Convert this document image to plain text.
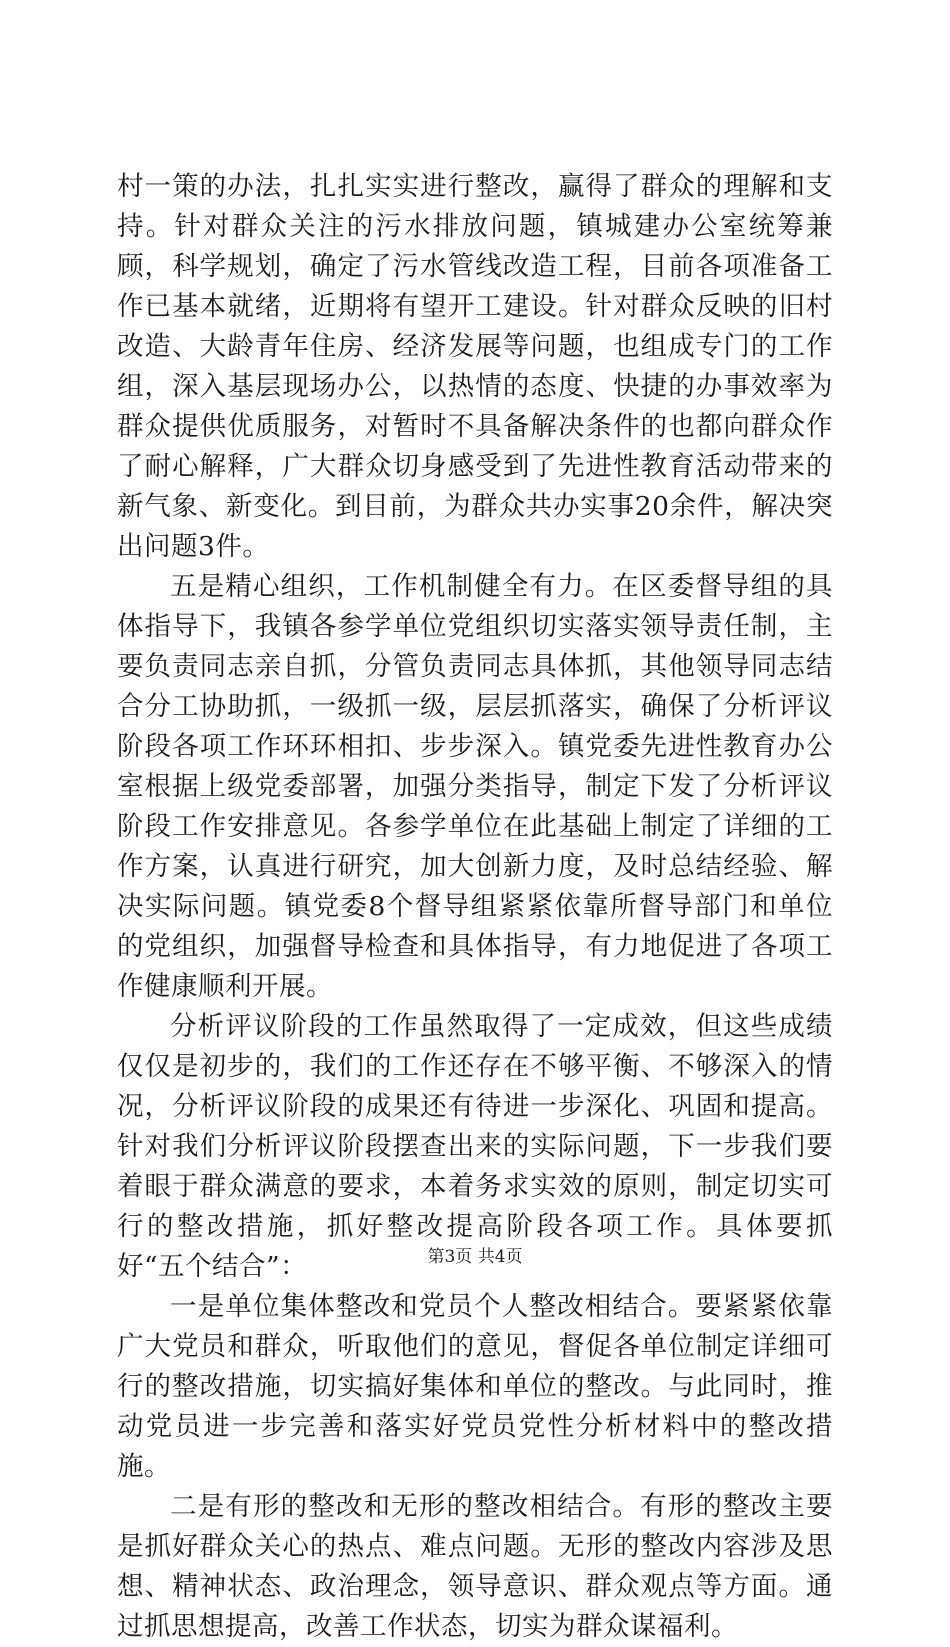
村一策的办法，扎扎实实进行整改，赢得了群众的理解和支持。针对群众关注的污水排放问题，镇城建办公室统筹兼顾，科学规划，确定了污水管线改造工程，目前各项准备工作已基本就绪，近期将有望开工建设。针对群众反映的旧村改造、大龄青年住房、经济发展等问题，也组成专门的工作组，深入基层现场办公，以热情的态度、快捷的办事效率为群众提供优质服务，对暂时不具备解决条件的也都向群众作了耐心解释，广大群众切身感受到了先进性教育活动带来的新气象、新变化。到目前，为群众共办实事20余件，解决突出问题3件。

五是精心组织，工作机制健全有力。在区委督导组的具体指导下，我镇各参学单位党组织切实落实领导责任制，主要负责同志亲自抓，分管负责同志具体抓，其他领导同志结合分工协助抓，一级抓一级，层层抓落实，确保了分析评议阶段各项工作环环相扣、步步深入。镇党委先进性教育办公室根据上级党委部署，加强分类指导，制定下发了分析评议阶段工作安排意见。各参学单位在此基础上制定了详细的工作方案，认真进行研究，加大创新力度，及时总结经验、解决实际问题。镇党委8个督导组紧紧依靠所督导部门和单位的党组织，加强督导检查和具体指导，有力地促进了各项工作健康顺利开展。

分析评议阶段的工作虽然取得了一定成效，但这些成绩仅仅是初步的，我们的工作还存在不够平衡、不够深入的情况，分析评议阶段的成果还有待进一步深化、巩固和提高。针对我们分析评议阶段摆查出来的实际问题，下一步我们要着眼于群众满意的要求，本着务求实效的原则，制定切实可行的整改措施，抓好整改提高阶段各项工作。具体要抓好“五个结合”：

一是单位集体整改和党员个人整改相结合。要紧紧依靠广大党员和群众，听取他们的意见，督促各单位制定详细可行的整改措施，切实搞好集体和单位的整改。与此同时，推动党员进一步完善和落实好党员党性分析材料中的整改措施。

二是有形的整改和无形的整改相结合。有形的整改主要是抓好群众关心的热点、难点问题。无形的整改内容涉及思想、精神状态、政治理念，领导意识、群众观点等方面。通过抓思想提高，改善工作状态，切实为群众谋福利。

第3页 共4页
